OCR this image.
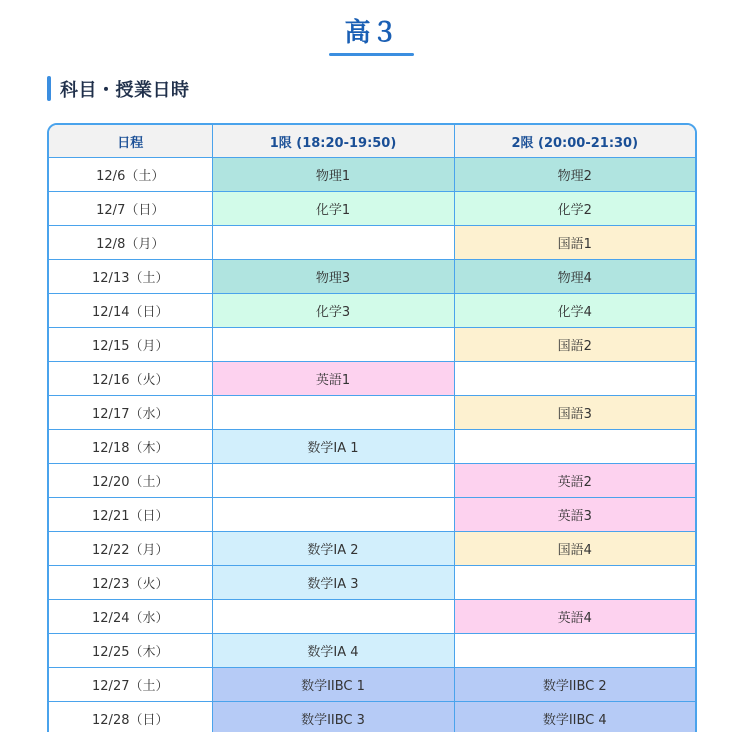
高３
科目・授業日時
日程	1限 (18:20-19:50)	2限 (20:00-21:30)
12/6（土）	物理1	物理2
12/7（日）	化学1	化学2
12/8（月）		国語1
12/13（土）	物理3	物理4
12/14（日）	化学3	化学4
12/15（月）		国語2
12/16（火）	英語1	
12/17（水）		国語3
12/18（木）	数学IA 1	
12/20（土）		英語2
12/21（日）		英語3
12/22（月）	数学IA 2	国語4
12/23（火）	数学IA 3	
12/24（水）		英語4
12/25（木）	数学IA 4	
12/27（土）	数学IIBC 1	数学IIBC 2
12/28（日）	数学IIBC 3	数学IIBC 4
